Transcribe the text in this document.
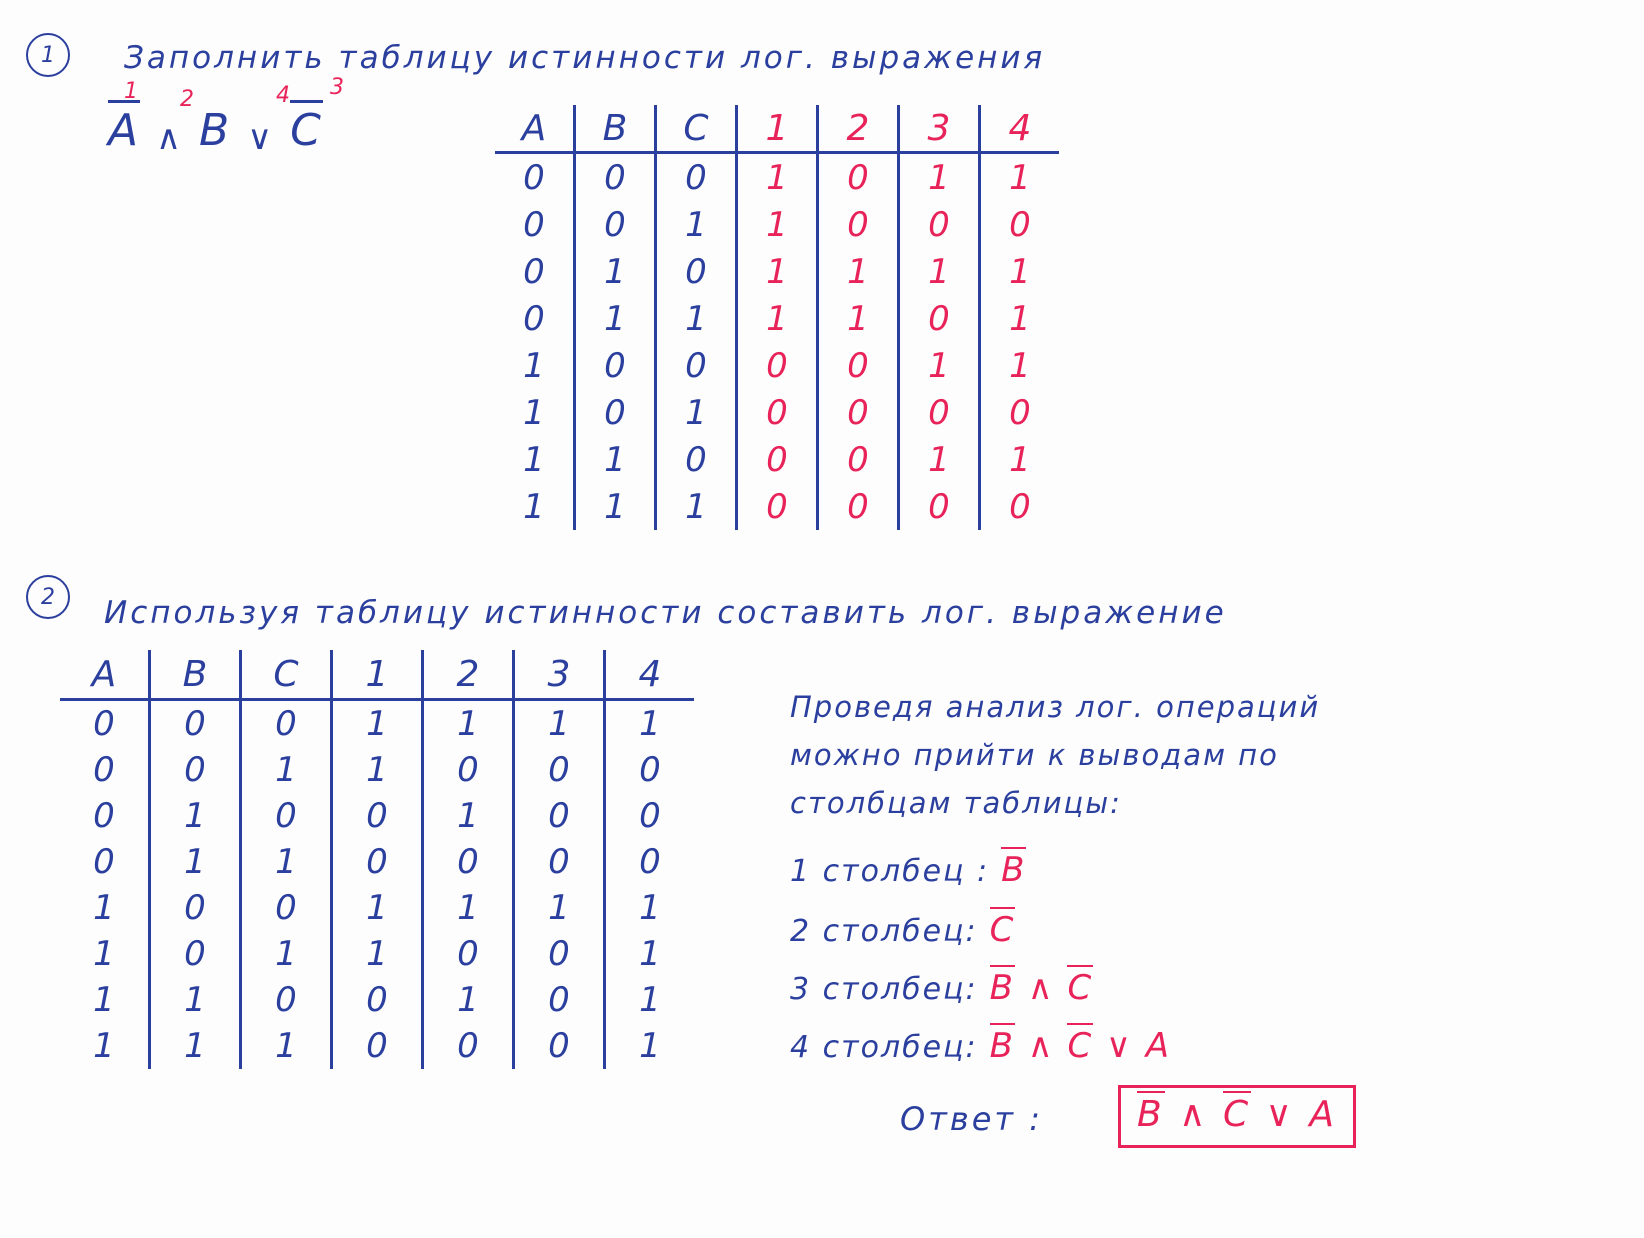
1	Заполнить таблицу истинности лог. выражения
1 2	4 3
A ∧ B ∨ C	A	B	C	1	2	3	4
0	0	0	1	0	1	1
0	0	1	1	0	0	0
0	1	0	1	1	1	1
0	1	1	1	1	0	1
1	0	0	0	0	1	1
1	0	1	0	0	0	0
1	1	0	0	0	1	1
1	1	1	0	0	0	0
2	Используя таблицу истинности составить лог. выражение
A	B	C	1	2	3	4
0	0	0	1	1	1	1
0	0	1	1	0	0	0
0	1	0	0	1	0	0
0	1	1	0	0	0	0
1	0	0	1	1	1	1
1	0	1	1	0	0	1
1	1	0	0	1	0	1
1	1	1	0	0	0	1
Проведя анализ лог. операций
можно прийти к выводам по
столбцам таблицы:
1 столбец : B
2 столбец: C
3 столбец: B ∧ C
4 столбец: B ∧ C ∨ A
Ответ :	B ∧ C ∨ A
